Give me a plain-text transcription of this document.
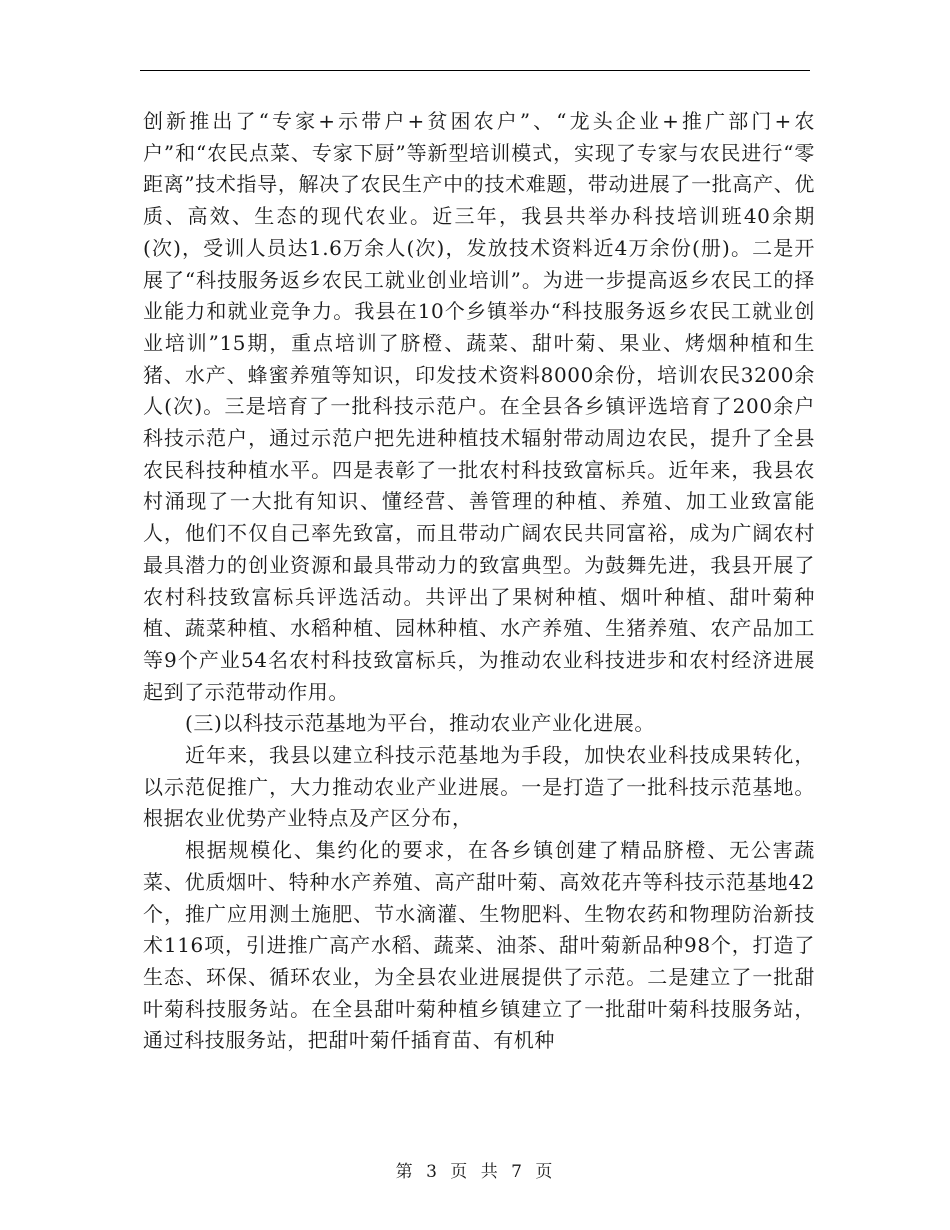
创新推出了“专家+示带户+贫困农户”、“龙头企业+推广部门+农户”和“农民点菜、专家下厨”等新型培训模式，实现了专家与农民进行“零距离”技术指导，解决了农民生产中的技术难题，带动进展了一批高产、优质、高效、生态的现代农业。近三年，我县共举办科技培训班40余期(次)，受训人员达1.6万余人(次)，发放技术资料近4万余份(册)。二是开展了“科技服务返乡农民工就业创业培训”。为进一步提高返乡农民工的择业能力和就业竞争力。我县在10个乡镇举办“科技服务返乡农民工就业创业培训”15期，重点培训了脐橙、蔬菜、甜叶菊、果业、烤烟种植和生猪、水产、蜂蜜养殖等知识，印发技术资料8000余份，培训农民3200余人(次)。三是培育了一批科技示范户。在全县各乡镇评选培育了200余户科技示范户，通过示范户把先进种植技术辐射带动周边农民，提升了全县农民科技种植水平。四是表彰了一批农村科技致富标兵。近年来，我县农村涌现了一大批有知识、懂经营、善管理的种植、养殖、加工业致富能人，他们不仅自己率先致富，而且带动广阔农民共同富裕，成为广阔农村最具潜力的创业资源和最具带动力的致富典型。为鼓舞先进，我县开展了农村科技致富标兵评选活动。共评出了果树种植、烟叶种植、甜叶菊种植、蔬菜种植、水稻种植、园林种植、水产养殖、生猪养殖、农产品加工等9个产业54名农村科技致富标兵，为推动农业科技进步和农村经济进展起到了示范带动作用。

(三)以科技示范基地为平台，推动农业产业化进展。

近年来，我县以建立科技示范基地为手段，加快农业科技成果转化，以示范促推广，大力推动农业产业进展。一是打造了一批科技示范基地。根据农业优势产业特点及产区分布，

根据规模化、集约化的要求，在各乡镇创建了精品脐橙、无公害蔬菜、优质烟叶、特种水产养殖、高产甜叶菊、高效花卉等科技示范基地42个，推广应用测土施肥、节水滴灌、生物肥料、生物农药和物理防治新技术116项，引进推广高产水稻、蔬菜、油茶、甜叶菊新品种98个，打造了生态、环保、循环农业，为全县农业进展提供了示范。二是建立了一批甜叶菊科技服务站。在全县甜叶菊种植乡镇建立了一批甜叶菊科技服务站，通过科技服务站，把甜叶菊仟插育苗、有机种

第 3 页 共 7 页
